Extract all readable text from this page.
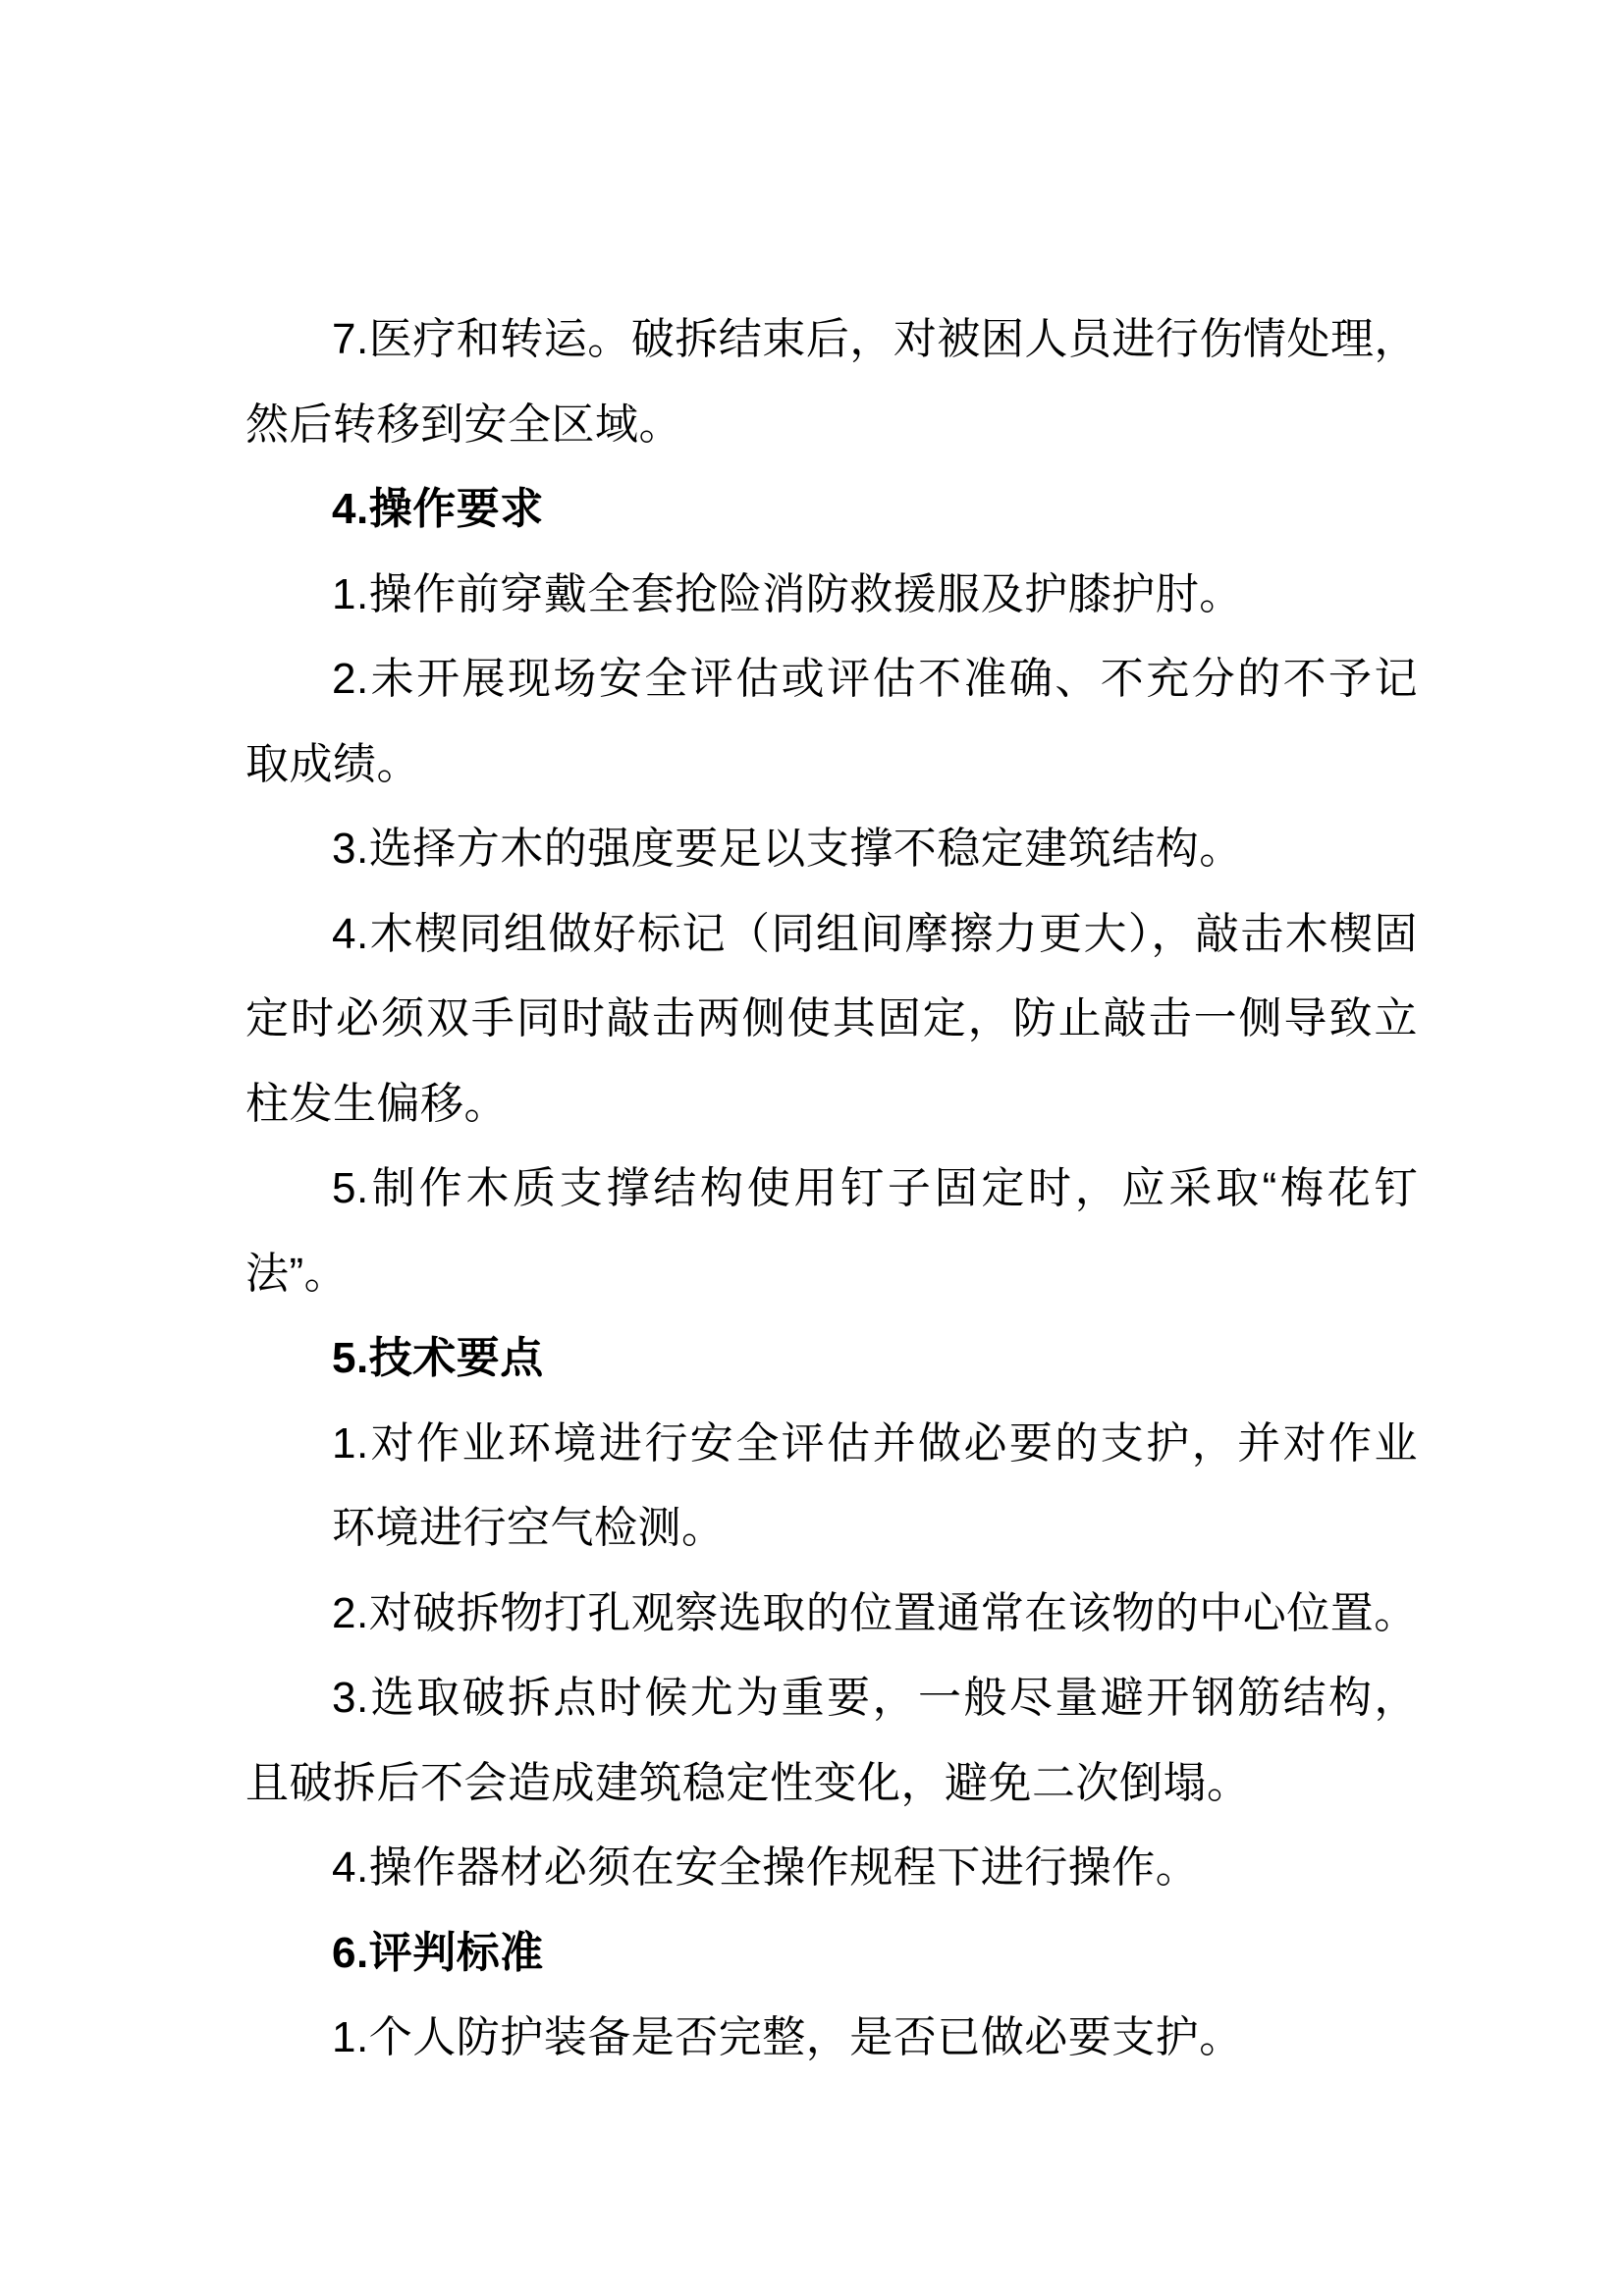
7.医疗和转运。破拆结束后，对被困人员进行伤情处理，
然后转移到安全区域。
4.操作要求
1.操作前穿戴全套抢险消防救援服及护膝护肘。
2.未开展现场安全评估或评估不准确、不充分的不予记
取成绩。
3.选择方木的强度要足以支撑不稳定建筑结构。
4.木楔同组做好标记（同组间摩擦力更大），敲击木楔固
定时必须双手同时敲击两侧使其固定，防止敲击一侧导致立
柱发生偏移。
5.制作木质支撑结构使用钉子固定时，应采取“梅花钉
法”。
5.技术要点
1.对作业环境进行安全评估并做必要的支护，并对作业
环境进行空气检测。
2.对破拆物打孔观察选取的位置通常在该物的中心位置。
3.选取破拆点时候尤为重要，一般尽量避开钢筋结构，
且破拆后不会造成建筑稳定性变化，避免二次倒塌。
4.操作器材必须在安全操作规程下进行操作。
6.评判标准
1.个人防护装备是否完整，是否已做必要支护。
